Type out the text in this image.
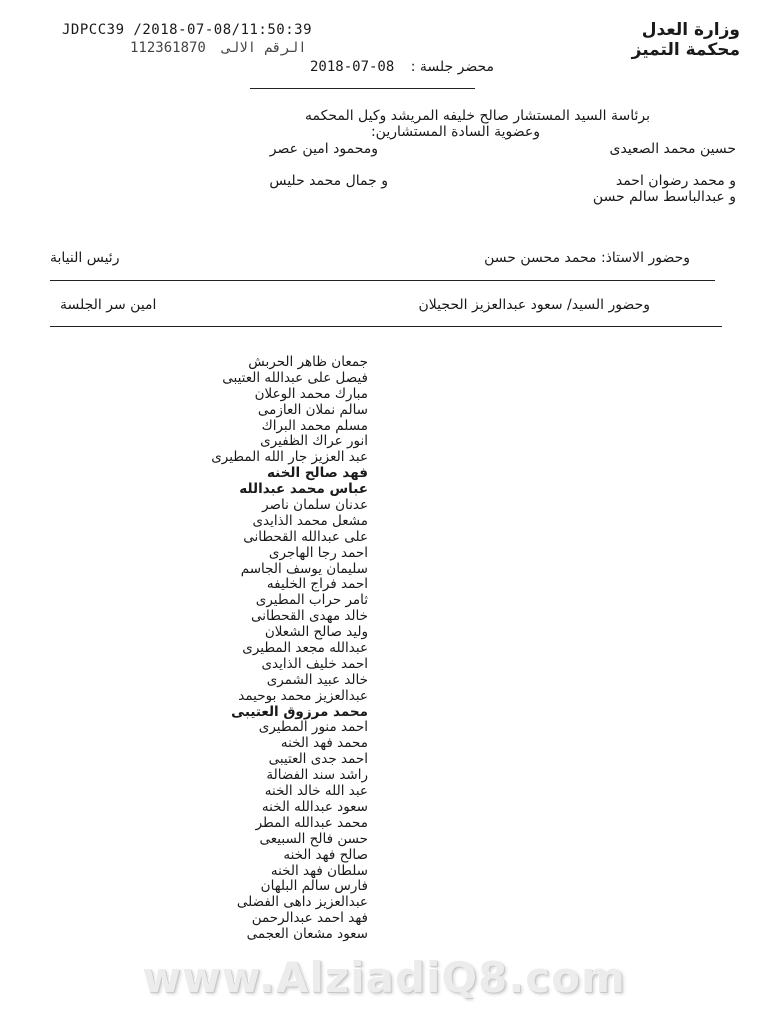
JDPCC39 /2018-07-08/11:50:39
112361870 الرقم الالى
وزارة العدل
محكمة التميز
2018-07-08 محضر جلسة :
برئاسة السيد المستشار صالح خليفه المريشد وكيل المحكمه
وعضوية السادة المستشارين:
حسين محمد الصعيدى
ومحمود امين عصر
و محمد رضوان احمد
و جمال محمد حليس
و عبدالباسط سالم حسن
وحضور الاستاذ: محمد محسن حسن
رئيس النيابة
وحضور السيد/ سعود عبدالعزيز الحجيلان
امين سر الجلسة
جمعان ظاهر الحربش
فيصل على عبدالله العتيبى
مبارك محمد الوعلان
سالم نملان العازمى
مسلم محمد البراك
انور عراك الظفيرى
عبد العزيز جار الله المطيرى
فهد صالح الخنه
عباس محمد عبدالله
عدنان سلمان ناصر
مشعل محمد الذايدى
على عبدالله القحطانى
احمد رجا الهاجرى
سليمان يوسف الجاسم
احمد فراج الخليفه
ثامر حراب المطيرى
خالد مهدى القحطانى
وليد صالح الشعلان
عبدالله مجعد المطيرى
احمد خليف الذايدى
خالد عبيد الشمرى
عبدالعزيز محمد بوحيمد
محمد مرزوق العتيبى
احمد منور المطيرى
محمد فهد الخنه
احمد جدى العتيبى
راشد سند الفضالة
عبد الله خالد الخنه
سعود عبدالله الخنه
محمد عبدالله المطر
حسن فالح السبيعى
صالح فهد الخنه
سلطان فهد الخنه
فارس سالم البلهان
عبدالعزيز داهى الفضلى
فهد احمد عبدالرحمن
سعود مشعان العجمى
www.AlziadiQ8.com
